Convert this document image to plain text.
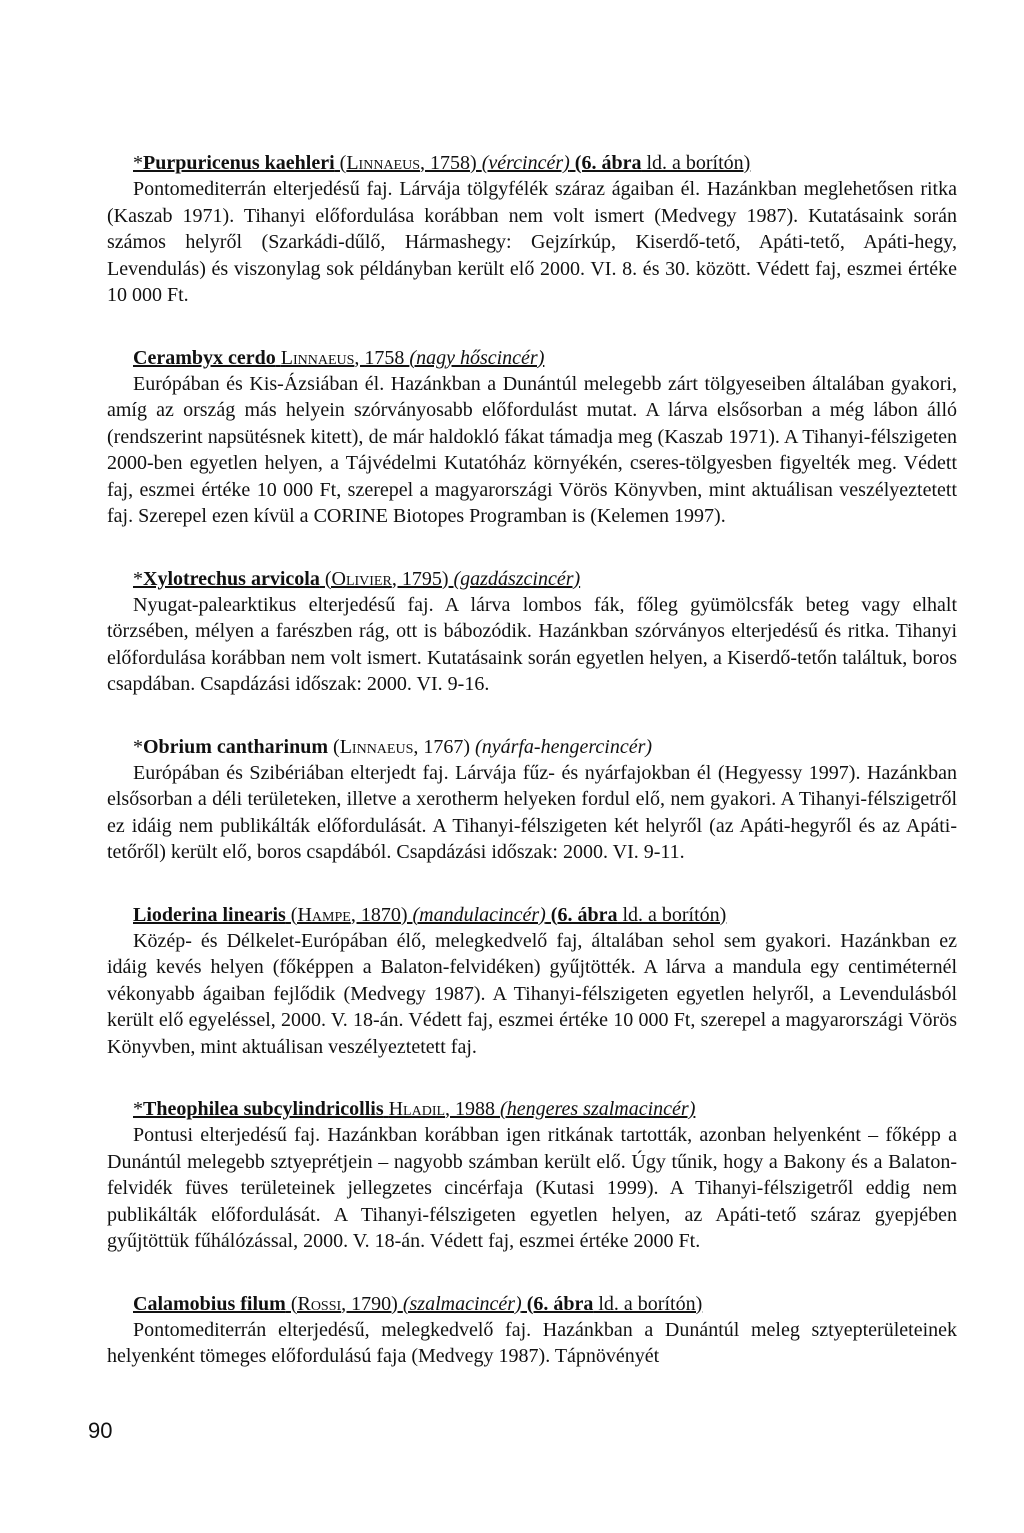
*Purpuricenus kaehleri (Linnaeus, 1758) (vércincér) (6. ábra ld. a borítón)

Pontomediterrán elterjedésű faj. Lárvája tölgyfélék száraz ágaiban él. Hazánkban meglehetősen ritka (Kaszab 1971). Tihanyi előfordulása korábban nem volt ismert (Medvegy 1987). Kutatásaink során számos helyről (Szarkádi-dűlő, Hármashegy: Gejzírkúp, Kiserdő-tető, Apáti-tető, Apáti-hegy, Levendulás) és viszonylag sok példányban került elő 2000. VI. 8. és 30. között. Védett faj, eszmei értéke 10 000 Ft.

Cerambyx cerdo Linnaeus, 1758 (nagy hőscincér)

Európában és Kis-Ázsiában él. Hazánkban a Dunántúl melegebb zárt tölgyeseiben általában gyakori, amíg az ország más helyein szórványosabb előfordulást mutat. A lárva elsősorban a még lábon álló (rendszerint napsütésnek kitett), de már haldokló fákat támadja meg (Kaszab 1971). A Tihanyi-félszigeten 2000-ben egyetlen helyen, a Tájvédelmi Kutatóház környékén, cseres-tölgyesben figyelték meg. Védett faj, eszmei értéke 10 000 Ft, szerepel a magyarországi Vörös Könyvben, mint aktuálisan veszélyeztetett faj. Szerepel ezen kívül a CORINE Biotopes Programban is (Kelemen 1997).

*Xylotrechus arvicola (Olivier, 1795) (gazdászcincér)

Nyugat-palearktikus elterjedésű faj. A lárva lombos fák, főleg gyümölcsfák beteg vagy elhalt törzsében, mélyen a farészben rág, ott is bábozódik. Hazánkban szórványos elterjedésű és ritka. Tihanyi előfordulása korábban nem volt ismert. Kutatásaink során egyetlen helyen, a Kiserdő-tetőn találtuk, boros csapdában. Csapdázási időszak: 2000. VI. 9-16.

*Obrium cantharinum (Linnaeus, 1767) (nyárfa-hengercincér)

Európában és Szibériában elterjedt faj. Lárvája fűz- és nyárfajokban él (Hegyessy 1997). Hazánkban elsősorban a déli területeken, illetve a xerotherm helyeken fordul elő, nem gyakori. A Tihanyi-félszigetről ez idáig nem publikálták előfordulását. A Tihanyi-félszigeten két helyről (az Apáti-hegyről és az Apáti-tetőről) került elő, boros csapdából. Csapdázási időszak: 2000. VI. 9-11.

Lioderina linearis (Hampe, 1870) (mandulacincér) (6. ábra ld. a borítón)

Közép- és Délkelet-Európában élő, melegkedvelő faj, általában sehol sem gyakori. Hazánkban ez idáig kevés helyen (főképpen a Balaton-felvidéken) gyűjtötték. A lárva a mandula egy centiméternél vékonyabb ágaiban fejlődik (Medvegy 1987). A Tihanyi-félszigeten egyetlen helyről, a Levendulásból került elő egyeléssel, 2000. V. 18-án. Védett faj, eszmei értéke 10 000 Ft, szerepel a magyarországi Vörös Könyvben, mint aktuálisan veszélyeztetett faj.

*Theophilea subcylindricollis Hladil, 1988 (hengeres szalmacincér)

Pontusi elterjedésű faj. Hazánkban korábban igen ritkának tartották, azonban helyenként – főképp a Dunántúl melegebb sztyeprétjein – nagyobb számban került elő. Úgy tűnik, hogy a Bakony és a Balaton-felvidék füves területeinek jellegzetes cincérfaja (Kutasi 1999). A Tihanyi-félszigetről eddig nem publikálták előfordulását. A Tihanyi-félszigeten egyetlen helyen, az Apáti-tető száraz gyepjében gyűjtöttük fűhálózással, 2000. V. 18-án. Védett faj, eszmei értéke 2000 Ft.

Calamobius filum (Rossi, 1790) (szalmacincér) (6. ábra ld. a borítón)

Pontomediterrán elterjedésű, melegkedvelő faj. Hazánkban a Dunántúl meleg sztyepterületeinek helyenként tömeges előfordulású faja (Medvegy 1987). Tápnövényét

90
